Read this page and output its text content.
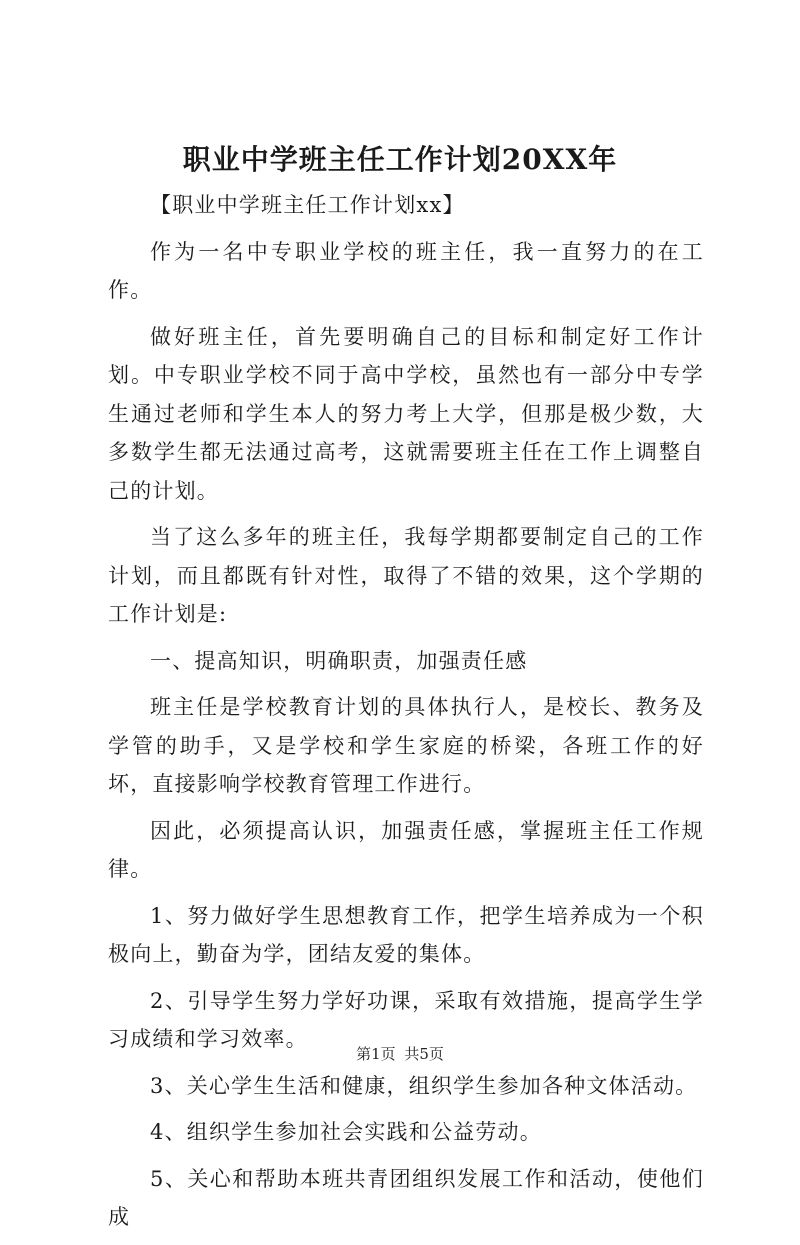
职业中学班主任工作计划20XX年

【职业中学班主任工作计划xx】

作为一名中专职业学校的班主任，我一直努力的在工作。

做好班主任，首先要明确自己的目标和制定好工作计划。中专职业学校不同于高中学校，虽然也有一部分中专学生通过老师和学生本人的努力考上大学，但那是极少数，大多数学生都无法通过高考，这就需要班主任在工作上调整自己的计划。

当了这么多年的班主任，我每学期都要制定自己的工作计划，而且都既有针对性，取得了不错的效果，这个学期的工作计划是:

一、提高知识，明确职责，加强责任感

班主任是学校教育计划的具体执行人，是校长、教务及学管的助手，又是学校和学生家庭的桥梁，各班工作的好坏，直接影响学校教育管理工作进行。

因此，必须提高认识，加强责任感，掌握班主任工作规律。

1、努力做好学生思想教育工作，把学生培养成为一个积极向上，勤奋为学，团结友爱的集体。

2、引导学生努力学好功课，采取有效措施，提高学生学习成绩和学习效率。

3、关心学生生活和健康，组织学生参加各种文体活动。

4、组织学生参加社会实践和公益劳动。

5、关心和帮助本班共青团组织发展工作和活动，使他们成

第1页 共5页
